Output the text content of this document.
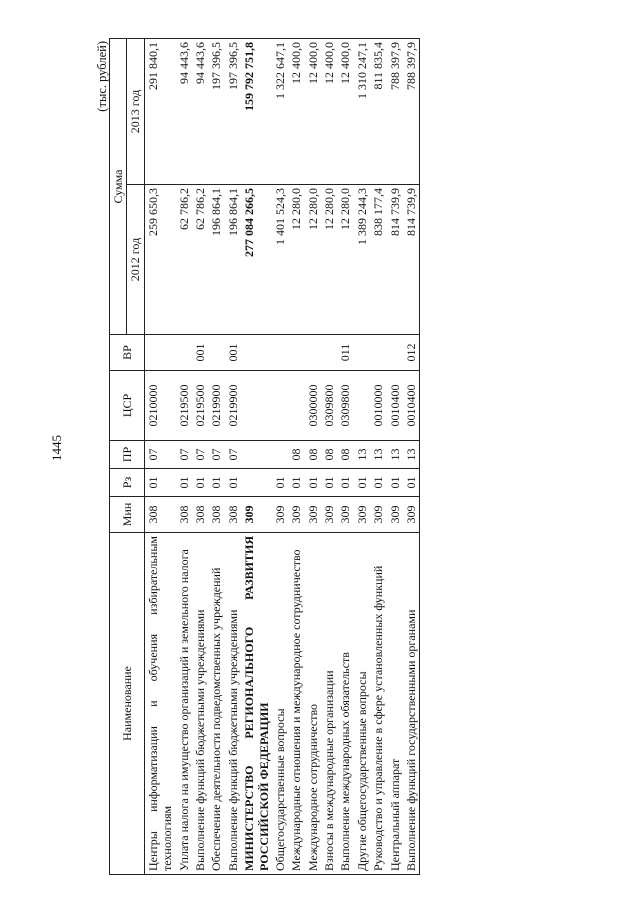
1445
(тыс. рублей)
Наименование	Мин	Рз	ПР	ЦСР	ВР	Сумма	
						2012 год	2013 год
Центры информатизации и обучения избирательным технологиям	308	01	07	0210000		259 650,3	291 840,1
Уплата налога на имущество организаций и земельного налога	308	01	07	0219500		62 786,2	94 443,6
Выполнение функций бюджетными учреждениями	308	01	07	0219500	001	62 786,2	94 443,6
Обеспечение деятельности подведомственных учреждений	308	01	07	0219900		196 864,1	197 396,5
Выполнение функций бюджетными учреждениями	308	01	07	0219900	001	196 864,1	197 396,5
МИНИСТЕРСТВО РЕГИОНАЛЬНОГО РАЗВИТИЯ РОССИЙСКОЙ ФЕДЕРАЦИИ	309					277 084 266,5	159 792 751,8
Общегосударственные вопросы	309	01				1 401 524,3	1 322 647,1
Международные отношения и международное сотрудничество	309	01	08			12 280,0	12 400,0
Международное сотрудничество	309	01	08	0300000		12 280,0	12 400,0
Взносы в международные организации	309	01	08	0309800		12 280,0	12 400,0
Выполнение международных обязательств	309	01	08	0309800	011	12 280,0	12 400,0
Другие общегосударственные вопросы	309	01	13			1 389 244,3	1 310 247,1
Руководство и управление в сфере установленных функций	309	01	13	0010000		838 177,4	811 835,4
Центральный аппарат	309	01	13	0010400		814 739,9	788 397,9
Выполнение функций государственными органами	309	01	13	0010400	012	814 739,9	788 397,9
